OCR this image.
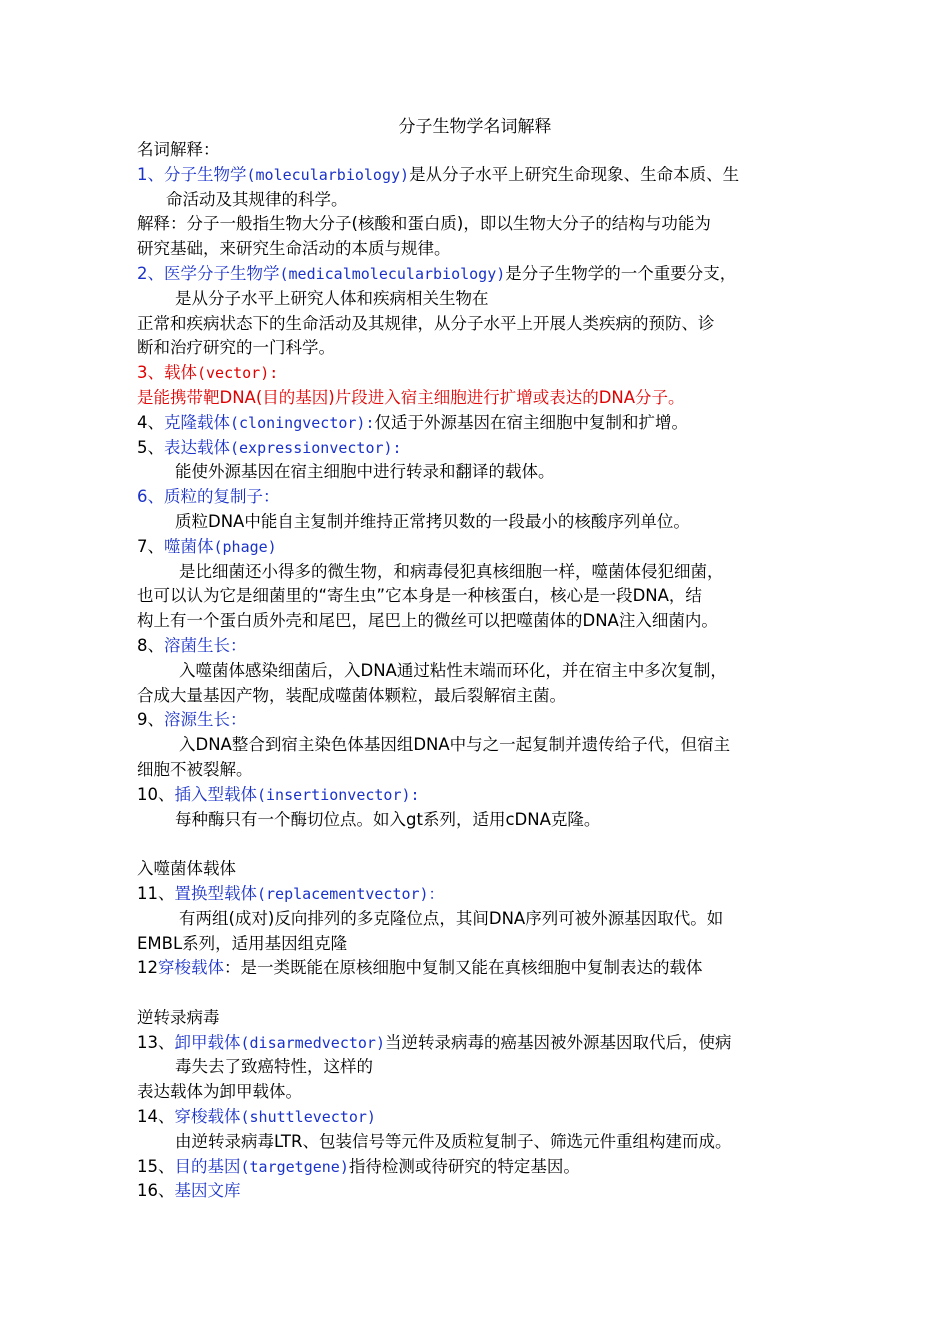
分子生物学名词解释
名词解释：
1、分子生物学(molecularbiology)是从分子水平上研究生命现象、生命本质、生
命活动及其规律的科学。
解释：分子一般指生物大分子(核酸和蛋白质)，即以生物大分子的结构与功能为
研究基础，来研究生命活动的本质与规律。
2、医学分子生物学(medicalmolecularbiology)是分子生物学的一个重要分支，
是从分子水平上研究人体和疾病相关生物在
正常和疾病状态下的生命活动及其规律，从分子水平上开展人类疾病的预防、诊
断和治疗研究的一门科学。
3、载体(vector):
是能携带靶DNA(目的基因)片段进入宿主细胞进行扩增或表达的DNA分子。
4、克隆载体(cloningvector):仅适于外源基因在宿主细胞中复制和扩增。
5、表达载体(expressionvector):
能使外源基因在宿主细胞中进行转录和翻译的载体。
6、质粒的复制子：
质粒DNA中能自主复制并维持正常拷贝数的一段最小的核酸序列单位。
7、噬菌体(phage)
是比细菌还小得多的微生物，和病毒侵犯真核细胞一样，噬菌体侵犯细菌，
也可以认为它是细菌里的“寄生虫”它本身是一种核蛋白，核心是一段DNA，结
构上有一个蛋白质外壳和尾巴，尾巴上的微丝可以把噬菌体的DNA注入细菌内。
8、溶菌生长：
入噬菌体感染细菌后，入DNA通过粘性末端而环化，并在宿主中多次复制，
合成大量基因产物，装配成噬菌体颗粒，最后裂解宿主菌。
9、溶源生长：
入DNA整合到宿主染色体基因组DNA中与之一起复制并遗传给子代，但宿主
细胞不被裂解。
10、插入型载体(insertionvector):
每种酶只有一个酶切位点。如入gt系列，适用cDNA克隆。
入噬菌体载体
11、置换型载体(replacementvector)：
有两组(成对)反向排列的多克隆位点，其间DNA序列可被外源基因取代。如
EMBL系列，适用基因组克隆
12穿梭载体：是一类既能在原核细胞中复制又能在真核细胞中复制表达的载体
逆转录病毒
13、卸甲载体(disarmedvector)当逆转录病毒的癌基因被外源基因取代后，使病
毒失去了致癌特性，这样的
表达载体为卸甲载体。
14、穿梭载体(shuttlevector)
由逆转录病毒LTR、包装信号等元件及质粒复制子、筛选元件重组构建而成。
15、目的基因(targetgene)指待检测或待研究的特定基因。
16、基因文库
